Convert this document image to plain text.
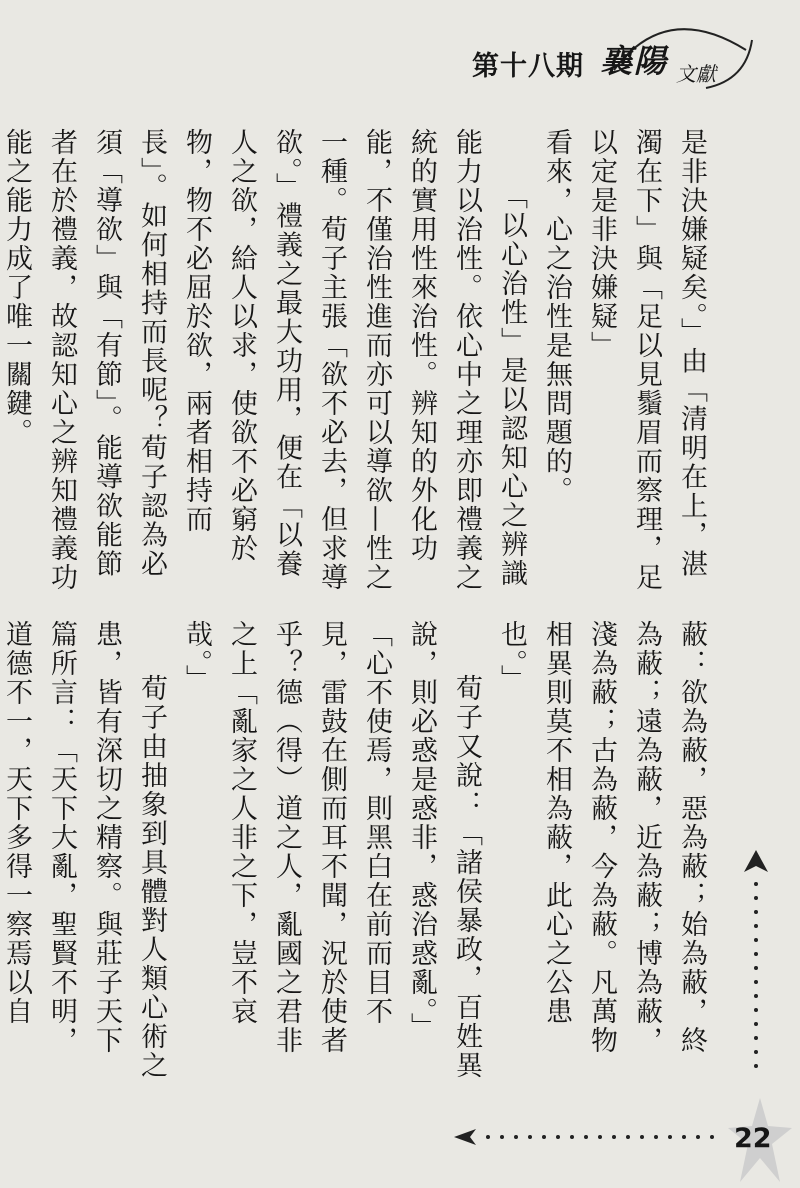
第十八期 襄陽 文獻

是非決嫌疑矣。」由「清明在上，湛濁在下」與「足以見鬚眉而察理，足以定是非決嫌疑」

看來，心之治性是無問題的。

「以心治性」是以認知心之辨識能力以治性。依心中之理亦即禮義之統的實用性來治性。辨知的外化功能，不僅治性進而亦可以導欲—性之一種。荀子主張「欲不必去，但求導欲。」禮義之最大功用，便在「以養人之欲，給人以求，使欲不必窮於物，物不必屈於欲，兩者相持而長」。如何相持而長呢？荀子認為必須「導欲」與「有節」。能導欲能節者在於禮義，故認知心之辨知禮義功能之能力成了唯一關鍵。

蔽：欲為蔽，惡為蔽；始為蔽，終為蔽；遠為蔽，近為蔽；博為蔽，淺為蔽；古為蔽，今為蔽。凡萬物相異則莫不相為蔽，此心之公患也。」

荀子又說：「諸侯暴政，百姓異說，則必惑是惑非，惑治惑亂。」「心不使焉，則黑白在前而目不見，雷鼓在側而耳不聞，況於使者乎？德（得）道之人，亂國之君非之上「亂家之人非之下，豈不哀哉。」

荀子由抽象到具體對人類心術之患，皆有深切之精察。與莊子天下篇所言：「天下大亂，聖賢不明，道德不一，天下多得一察焉以自

22
